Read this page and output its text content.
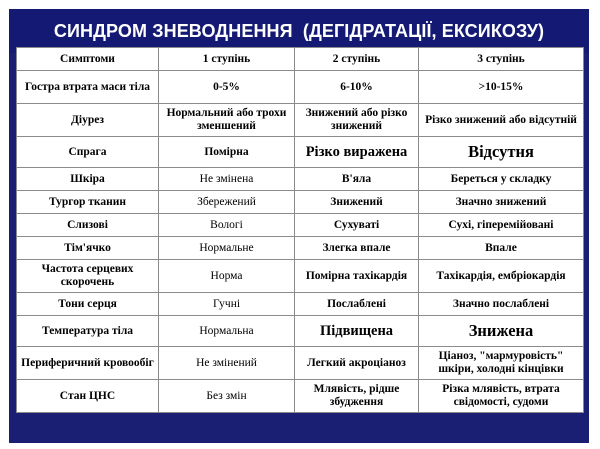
СИНДРОМ ЗНЕВОДНЕННЯ  (ДЕГІДРАТАЦІЇ, ЕКСИКОЗУ)
Симптоми	1 ступінь	2 ступінь	3 ступінь
Гостра втрата маси тіла	0-5%	6-10%	>10-15%
Діурез	Нормальний або трохи зменшений	Знижений або різко знижений	Різко знижений або відсутній
Спрага	Помірна	Різко виражена	Відсутня
Шкіра	Не змінена	В'яла	Береться у складку
Тургор тканин	Збережений	Знижений	Значно знижений
Слизові	Вологі	Сухуваті	Сухі, гіперемійовані
Тім'ячко	Нормальне	Злегка впале	Впале
Частота серцевих скорочень	Норма	Помірна тахікардія	Тахікардія, ембріокардія
Тони серця	Гучні	Послаблені	Значно послаблені
Температура тіла	Нормальна	Підвищена	Знижена
Периферичний кровообіг	Не змінений	Легкий акроціаноз	Ціаноз, "мармуровість" шкіри, холодні кінцівки
Стан ЦНС	Без змін	Млявість, рідше збудження	Різка млявість, втрата свідомості, судоми
